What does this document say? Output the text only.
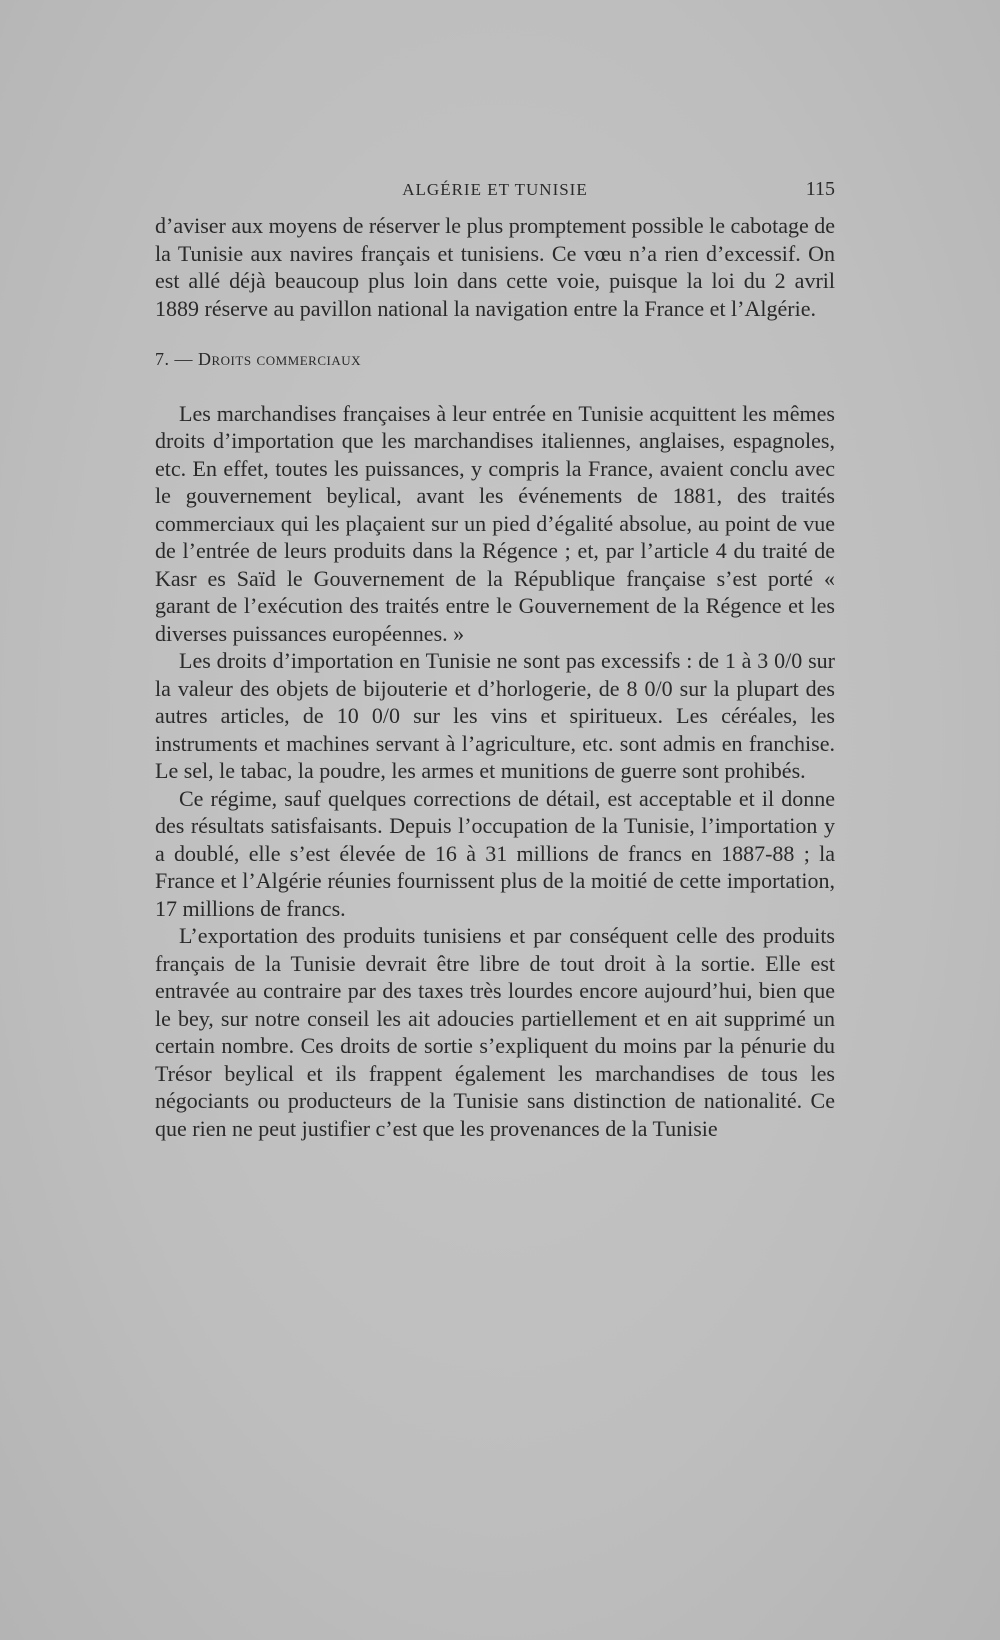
ALGÉRIE ET TUNISIE	115

d’aviser aux moyens de réserver le plus promptement possible le cabotage de la Tunisie aux navires français et tunisiens. Ce vœu n’a rien d’excessif. On est allé déjà beaucoup plus loin dans cette voie, puisque la loi du 2 avril 1889 réserve au pavillon national la navigation entre la France et l’Algérie.

7. — Droits commerciaux

Les marchandises françaises à leur entrée en Tunisie acquittent les mêmes droits d’importation que les marchandises italiennes, anglaises, espagnoles, etc. En effet, toutes les puissances, y compris la France, avaient conclu avec le gouvernement beylical, avant les événements de 1881, des traités commerciaux qui les plaçaient sur un pied d’égalité absolue, au point de vue de l’entrée de leurs produits dans la Régence ; et, par l’article 4 du traité de Kasr es Saïd le Gouvernement de la République française s’est porté « garant de l’exécution des traités entre le Gouvernement de la Régence et les diverses puissances européennes. »

Les droits d’importation en Tunisie ne sont pas excessifs : de 1 à 3 0/0 sur la valeur des objets de bijouterie et d’horlogerie, de 8 0/0 sur la plupart des autres articles, de 10 0/0 sur les vins et spiritueux. Les céréales, les instruments et machines servant à l’agriculture, etc. sont admis en franchise. Le sel, le tabac, la poudre, les armes et munitions de guerre sont prohibés.

Ce régime, sauf quelques corrections de détail, est acceptable et il donne des résultats satisfaisants. Depuis l’occupation de la Tunisie, l’importation y a doublé, elle s’est élevée de 16 à 31 millions de francs en 1887-88 ; la France et l’Algérie réunies fournissent plus de la moitié de cette importation, 17 millions de francs.

L’exportation des produits tunisiens et par conséquent celle des produits français de la Tunisie devrait être libre de tout droit à la sortie. Elle est entravée au contraire par des taxes très lourdes encore aujourd’hui, bien que le bey, sur notre conseil les ait adoucies partiellement et en ait supprimé un certain nombre. Ces droits de sortie s’expliquent du moins par la pénurie du Trésor beylical et ils frappent également les marchandises de tous les négociants ou producteurs de la Tunisie sans distinction de nationalité. Ce que rien ne peut justifier c’est que les provenances de la Tunisie
